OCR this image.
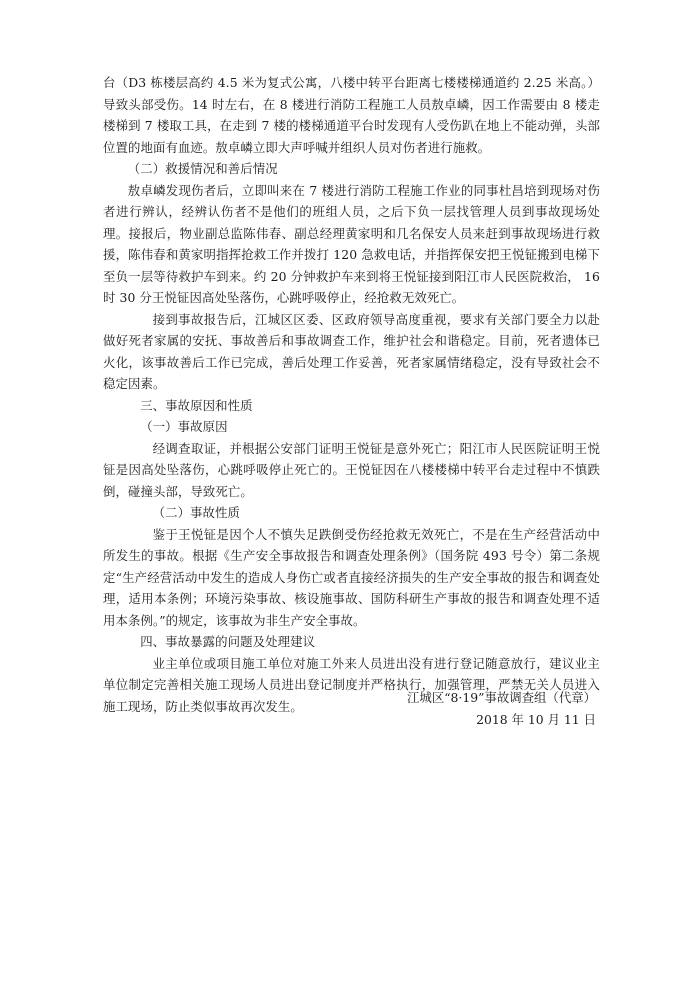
台（D3 栋楼层高约 4.5 米为复式公寓，八楼中转平台距离七楼楼梯通道约 2.25 米高。）导致头部受伤。14 时左右，在 8 楼进行消防工程施工人员敖卓嶙，因工作需要由 8 楼走楼梯到 7 楼取工具，在走到 7 楼的楼梯通道平台时发现有人受伤趴在地上不能动弹，头部位置的地面有血迹。敖卓嶙立即大声呼喊并组织人员对伤者进行施救。

（二）救援情况和善后情况

敖卓嶙发现伤者后，立即叫来在 7 楼进行消防工程施工作业的同事杜昌培到现场对伤者进行辨认，经辨认伤者不是他们的班组人员，之后下负一层找管理人员到事故现场处理。接报后，物业副总监陈伟春、副总经理黄家明和几名保安人员来赶到事故现场进行救援，陈伟春和黄家明指挥抢救工作并拨打 120 急救电话，并指挥保安把王悦钲搬到电梯下至负一层等待救护车到来。约 20 分钟救护车来到将王悦钲接到阳江市人民医院救治， 16 时 30 分王悦钲因高处坠落伤，心跳呼吸停止，经抢救无效死亡。

接到事故报告后，江城区区委、区政府领导高度重视，要求有关部门要全力以赴做好死者家属的安抚、事故善后和事故调查工作，维护社会和谐稳定。目前，死者遗体已火化，该事故善后工作已完成，善后处理工作妥善，死者家属情绪稳定，没有导致社会不稳定因素。

三、事故原因和性质

（一）事故原因

经调查取证，并根据公安部门证明王悦钲是意外死亡；阳江市人民医院证明王悦钲是因高处坠落伤，心跳呼吸停止死亡的。王悦钲因在八楼楼梯中转平台走过程中不慎跌倒，碰撞头部，导致死亡。

（二）事故性质

鉴于王悦钲是因个人不慎失足跌倒受伤经抢救无效死亡，不是在生产经营活动中所发生的事故。根据《生产安全事故报告和调查处理条例》（国务院 493 号令）第二条规定“生产经营活动中发生的造成人身伤亡或者直接经济损失的生产安全事故的报告和调查处理，适用本条例；环境污染事故、核设施事故、国防科研生产事故的报告和调查处理不适用本条例。”的规定，该事故为非生产安全事故。

四、事故暴露的问题及处理建议

业主单位或项目施工单位对施工外来人员进出没有进行登记随意放行，建议业主单位制定完善相关施工现场人员进出登记制度并严格执行，加强管理，严禁无关人员进入施工现场，防止类似事故再次发生。

江城区“8·19”事故调查组（代章）
2018 年 10 月 11 日
